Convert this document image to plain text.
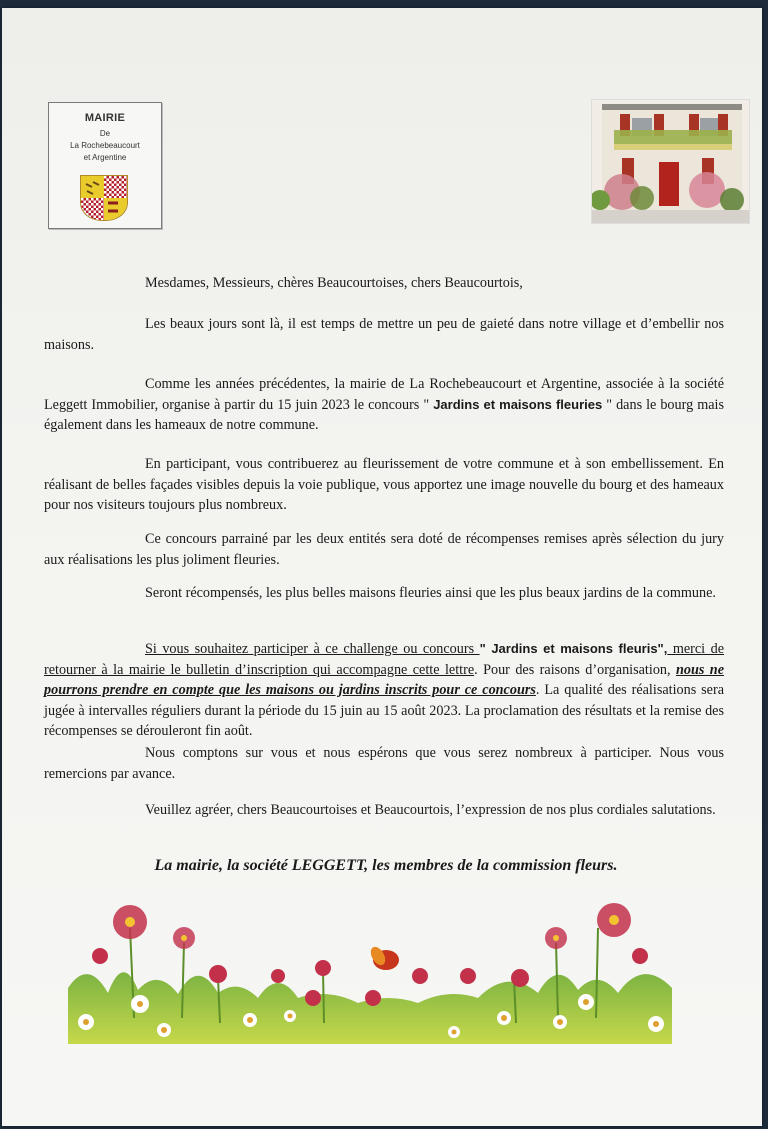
MAIRIE
De
La Rochebeaucourt
et Argentine
Mesdames, Messieurs, chères Beaucourtoises, chers Beaucourtois,
Les beaux jours sont là, il est temps de mettre un peu de gaieté dans notre village et d’embellir nos maisons.
Comme les années précédentes, la mairie de La Rochebeaucourt et Argentine, associée à la société Leggett Immobilier, organise à partir du 15 juin 2023 le concours " Jardins et maisons fleuries " dans le bourg mais également dans les hameaux de notre commune.
En participant, vous contribuerez au fleurissement de votre commune et à son embellissement. En réalisant de belles façades visibles depuis la voie publique, vous apportez une image nouvelle du bourg et des hameaux pour nos visiteurs toujours plus nombreux.
Ce concours parrainé par les deux entités sera doté de récompenses remises après sélection du jury aux réalisations les plus joliment fleuries.
Seront récompensés, les plus belles maisons fleuries ainsi que les plus beaux jardins de la commune.
Si vous souhaitez participer à ce challenge ou concours " Jardins et maisons fleuris", merci de retourner à la mairie le bulletin d’inscription qui accompagne cette lettre. Pour des raisons d’organisation, nous ne pourrons prendre en compte que les maisons ou jardins inscrits pour ce concours. La qualité des réalisations sera jugée à intervalles réguliers durant la période du 15 juin au 15 août 2023. La proclamation des résultats et la remise des récompenses se dérouleront fin août.
Nous comptons sur vous et nous espérons que vous serez nombreux à participer. Nous vous remercions par avance.
Veuillez agréer, chers Beaucourtoises et Beaucourtois, l’expression de nos plus cordiales salutations.
La mairie, la société LEGGETT, les membres de la commission fleurs.
